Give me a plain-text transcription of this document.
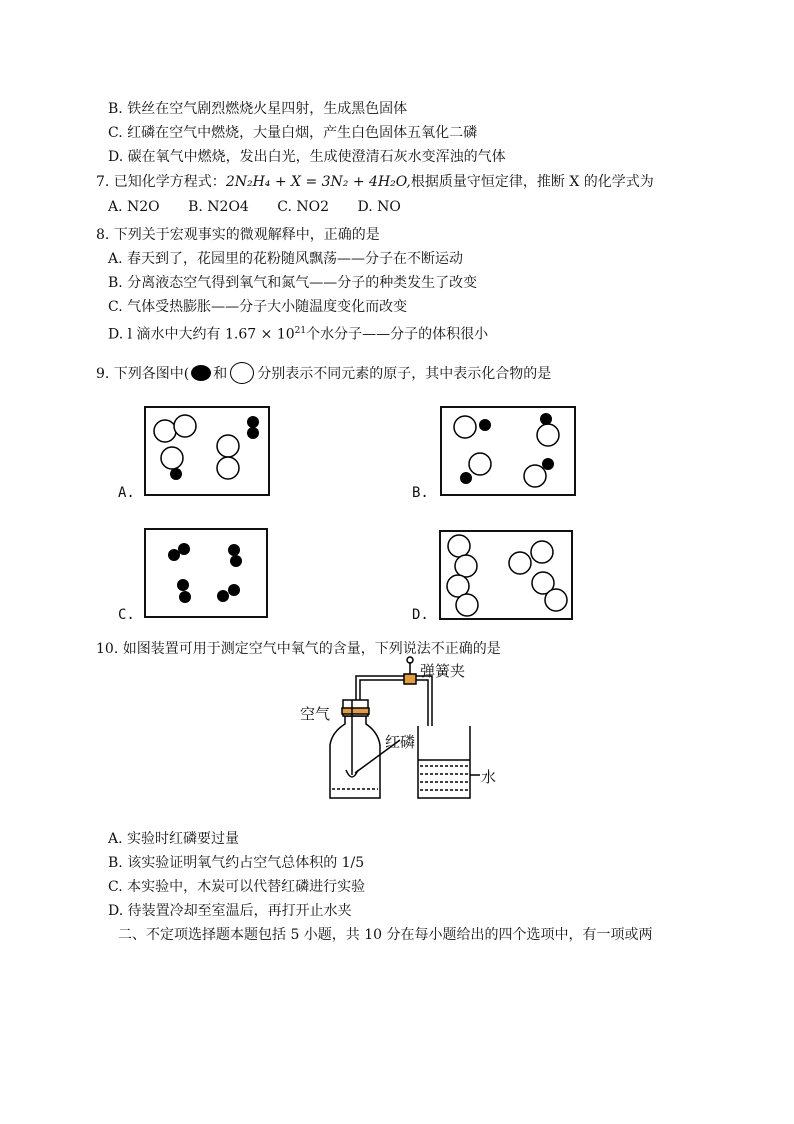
B. 铁丝在空气剧烈燃烧火星四射，生成黑色固体
C. 红磷在空气中燃烧，大量白烟，产生白色固体五氧化二磷
D. 碳在氧气中燃烧，发出白光，生成使澄清石灰水变浑浊的气体
7. 已知化学方程式：2N₂H₄ + X = 3N₂ + 4H₂O,根据质量守恒定律，推断 X 的化学式为
A. N2O B. N2O4 C. NO2 D. NO
8. 下列关于宏观事实的微观解释中，正确的是
A. 春天到了，花园里的花粉随风飘荡——分子在不断运动
B. 分离液态空气得到氧气和氮气——分子的种类发生了改变
C. 气体受热膨胀——分子大小随温度变化而改变
D. l 滴水中大约有 $1.67 \times 10^{21}$个水分子——分子的体积很小
9. 下列各图中( 和 分别表示不同元素的原子，其中表示化合物的是
A.	B.
C.	D.
10. 如图装置可用于测定空气中氧气的含量，下列说法不正确的是
空气
弹簧夹
红磷
水
A. 实验时红磷要过量
B. 该实验证明氧气约占空气总体积的 1/5
C. 本实验中，木炭可以代替红磷进行实验
D. 待装置冷却至室温后，再打开止水夹
二、不定项选择题本题包括 5 小题，共 10 分在每小题给出的四个选项中，有一项或两
